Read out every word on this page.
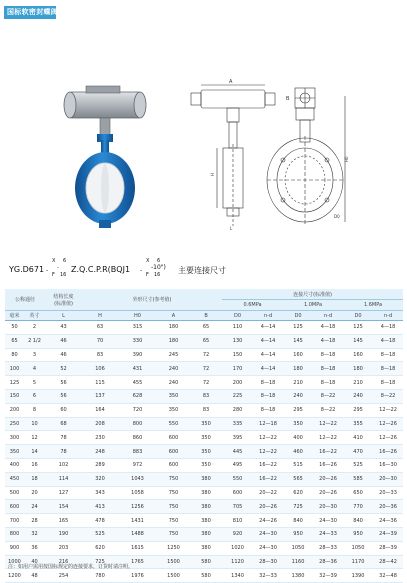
国标软密封蝶阀
A
B
H
L
H0
D0
YG.D671 -
X 6
-
F 16
Z.Q.C.P.R(BQJ1 -
X 6
-10")
F 16 主要连接尺寸
公称通径		结构长度
(标准值)	外形尺寸(参考值)				连接尺寸(标准值)					
							0.6MPa		1.0MPa		1.6MPa	
毫米	英寸	L	H	H0	A	B	D0	n-d	D0	n-d	D0	n-d
50	2	43	63	315	180	65	110	4—14	125	4—18	125	4—18
65	2 1/2	46	70	330	180	65	130	4—14	145	4—18	145	4—18
80	3	46	83	390	245	72	150	4—14	160	8—18	160	8—18
100	4	52	106	431	240	72	170	4—14	180	8—18	180	8—18
125	5	56	115	455	240	72	200	8—18	210	8—18	210	8—18
150	6	56	137	628	350	83	225	8—18	240	8—22	240	8—22
200	8	60	164	720	350	83	280	8—18	295	8—22	295	12—22
250	10	68	208	800	550	350	335	12—18	350	12—22	355	12—26
300	12	78	230	860	600	350	395	12—22	400	12—22	410	12—26
350	14	78	248	883	600	350	445	12—22	460	16—22	470	16—26
400	16	102	289	972	600	350	495	16—22	515	16—26	525	16—30
450	18	114	320	1043	750	380	550	16—22	565	20—26	585	20—30
500	20	127	343	1058	750	380	600	20—22	620	20—26	650	20—33
600	24	154	413	1256	750	380	705	20—26	725	20—30	770	20—36
700	28	165	478	1431	750	380	810	24—26	840	24—30	840	24—36
800	32	190	525	1488	750	380	920	24—30	950	24—33	950	24—39
900	36	203	620	1615	1250	380	1020	24—30	1050	28—33	1050	28—39
1000	40	216	725	1765	1500	580	1120	28—30	1160	28—36	1170	28—42
1200	48	254	780	1976	1500	580	1340	32—33	1380	32—39	1390	32—48
注：如用户需用按国标规定的连接要求，订货时请注明。
